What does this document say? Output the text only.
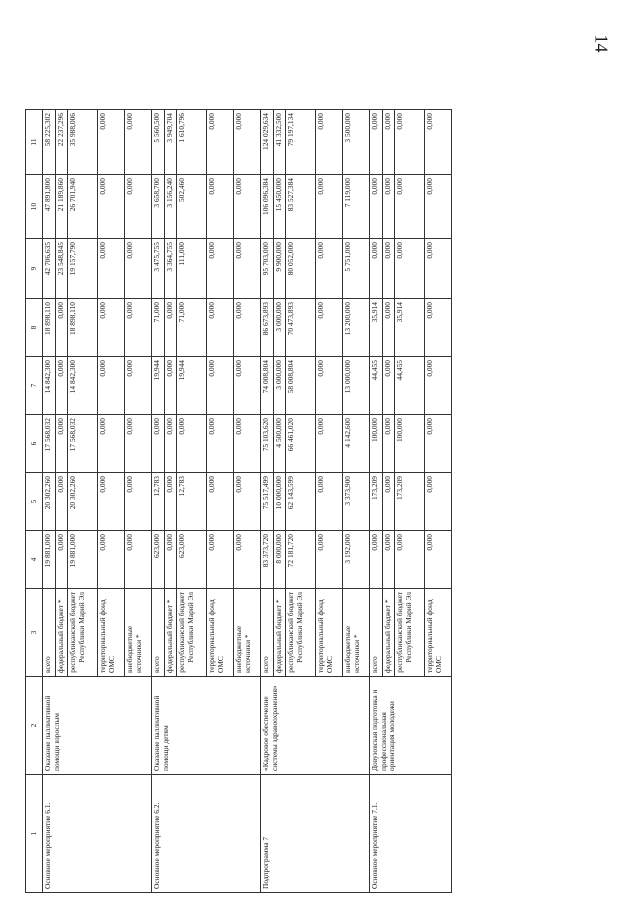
14
1	2	3	4	5	6	7	8	9	10	11
Основное мероприятие 6.1.	Оказание паллиативной помощи взрослым	всего	19 881,000	20 302,260	17 568,032	14 842,300	18 898,110	42 706,635	47 891,800	58 225,302
		федеральный бюджет *	0,000	0,000	0,000	0,000	0,000	23 548,845	21 189,860	22 237,296
		республиканский бюджет Республики Марий Эл	19 881,000	20 302,260	17 568,032	14 842,300	18 898,110	19 157,790	26 701,940	35 988,006
		территориальный фонд ОМС	0,000	0,000	0,000	0,000	0,000	0,000	0,000	0,000
		внебюджетные источники *	0,000	0,000	0,000	0,000	0,000	0,000	0,000	0,000
Основное мероприятие 6.2.	Оказание паллиативной помощи детям	всего	623,000	12,783	0,000	19,944	71,000	3 475,755	3 658,700	5 560,500
		федеральный бюджет *	0,000	0,000	0,000	0,000	0,000	3 364,755	3 156,240	3 949,704
		республиканский бюджет Республики Марий Эл	623,000	12,783	0,000	19,944	71,000	111,000	502,460	1 610,796
		территориальный фонд ОМС	0,000	0,000	0,000	0,000	0,000	0,000	0,000	0,000
		внебюджетные источники *	0,000	0,000	0,000	0,000	0,000	0,000	0,000	0,000
Подпрограмма 7	«Кадровое обеспечение системы здравоохранения»	всего	83 373,720	75 517,499	75 103,620	74 008,804	86 673,893	95 703,000	106 096,384	124 029,634
		федеральный бюджет *	8 000,000	10 000,000	4 500,000	3 000,000	3 000,000	9 900,000	15 450,000	41 332,500
		республиканский бюджет Республики Марий Эл	72 181,720	62 143,599	66 461,020	58 008,804	70 473,893	80 052,000	83 527,384	79 197,134
		территориальный фонд ОМС	0,000	0,000	0,000	0,000	0,000	0,000	0,000	0,000
		внебюджетные источники *	3 192,000	3 373,900	4 142,600	13 000,000	13 200,000	5 751,000	7 119,000	3 500,000
Основное мероприятие 7.1.	Довузовская подготовка и профессиональная ориентация молодежи	всего	0,000	173,209	100,000	44,455	35,914	0,000	0,000	0,000
		федеральный бюджет *	0,000	0,000	0,000	0,000	0,000	0,000	0,000	0,000
		республиканский бюджет Республики Марий Эл	0,000	173,209	100,000	44,455	35,914	0,000	0,000	0,000
		территориальный фонд ОМС	0,000	0,000	0,000	0,000	0,000	0,000	0,000	0,000
